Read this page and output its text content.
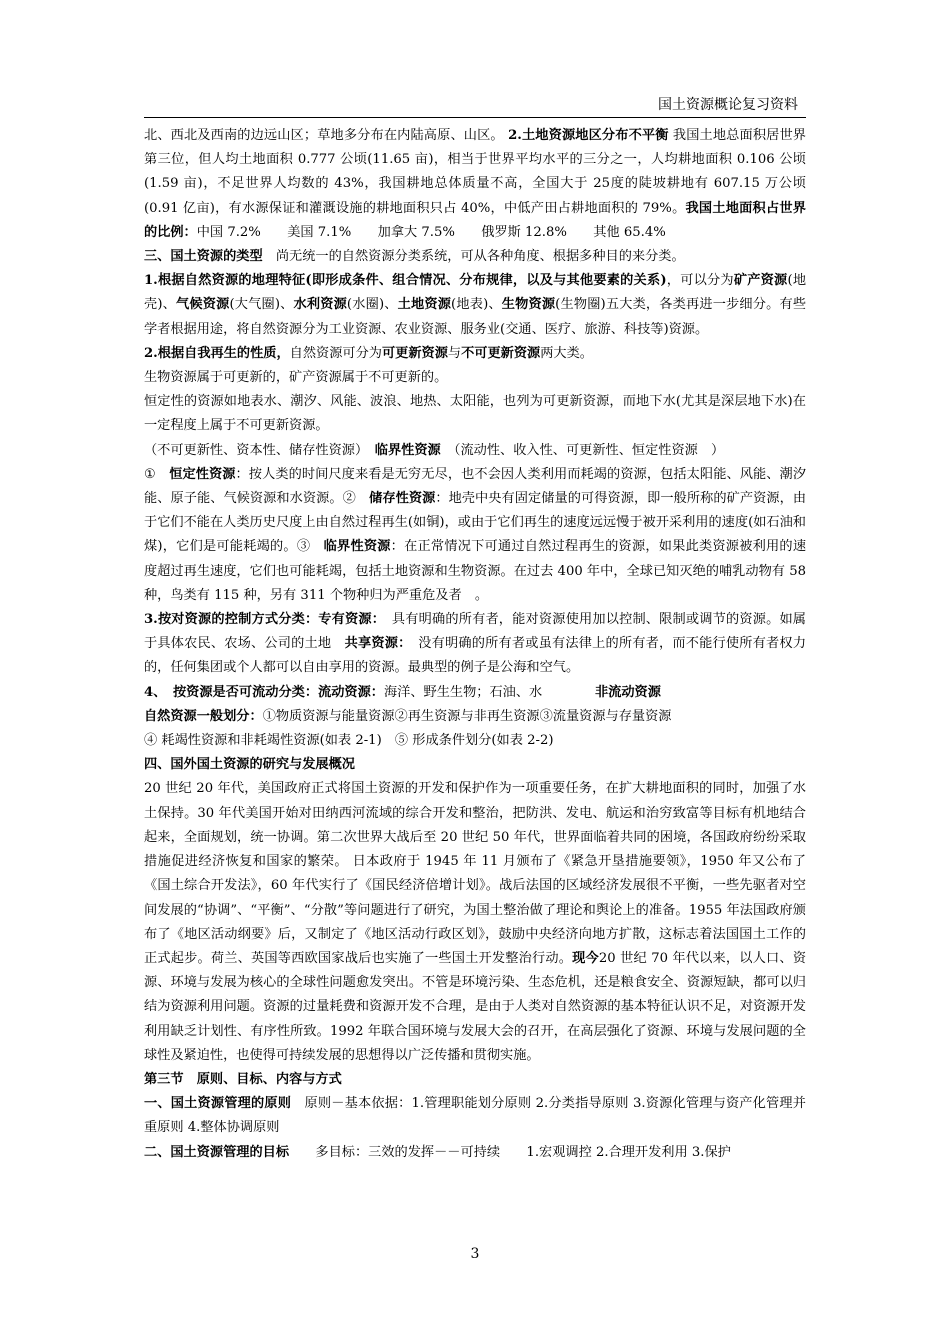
国土资源概论复习资料

北、西北及西南的边远山区；草地多分布在内陆高原、山区。 2.土地资源地区分布不平衡 我国土地总面积居世界第三位，但人均土地面积 0.777 公顷(11.65 亩)，相当于世界平均水平的三分之一，人均耕地面积 0.106 公顷(1.59 亩)，不足世界人均数的 43%，我国耕地总体质量不高，全国大于 25度的陡坡耕地有 607.15 万公顷(0.91 亿亩)，有水源保证和灌溉设施的耕地面积只占 40%，中低产田占耕地面积的 79%。我国土地面积占世界的比例：中国 7.2%　　美国 7.1%　　加拿大 7.5%　　俄罗斯 12.8%　　其他 65.4%

三、国土资源的类型　尚无统一的自然资源分类系统，可从各种角度、根据多种目的来分类。

1.根据自然资源的地理特征(即形成条件、组合情况、分布规律，以及与其他要素的关系)，可以分为矿产资源(地壳)、气候资源(大气圈)、水利资源(水圈)、土地资源(地表)、生物资源(生物圈)五大类，各类再进一步细分。有些学者根据用途，将自然资源分为工业资源、农业资源、服务业(交通、医疗、旅游、科技等)资源。

2.根据自我再生的性质，自然资源可分为可更新资源与不可更新资源两大类。

生物资源属于可更新的，矿产资源属于不可更新的。

恒定性的资源如地表水、潮汐、风能、波浪、地热、太阳能，也列为可更新资源，而地下水(尤其是深层地下水)在一定程度上属于不可更新资源。

（不可更新性、资本性、储存性资源）　临界性资源　（流动性、收入性、可更新性、恒定性资源　）

①　恒定性资源：按人类的时间尺度来看是无穷无尽，也不会因人类利用而耗竭的资源，包括太阳能、风能、潮汐能、原子能、气候资源和水资源。②　储存性资源：地壳中央有固定储量的可得资源，即一般所称的矿产资源，由于它们不能在人类历史尺度上由自然过程再生(如铜)，或由于它们再生的速度远远慢于被开采利用的速度(如石油和煤)，它们是可能耗竭的。③　临界性资源：在正常情况下可通过自然过程再生的资源，如果此类资源被利用的速度超过再生速度，它们也可能耗竭，包括土地资源和生物资源。在过去 400 年中，全球已知灭绝的哺乳动物有 58 种，鸟类有 115 种，另有 311 个物种归为严重危及者　。

3.按对资源的控制方式分类：专有资源：　具有明确的所有者，能对资源使用加以控制、限制或调节的资源。如属于具体农民、农场、公司的土地　共享资源：　没有明确的所有者或虽有法律上的所有者，而不能行使所有者权力的，任何集团或个人都可以自由享用的资源。最典型的例子是公海和空气。

4、　按资源是否可流动分类：流动资源：海洋、野生生物；石油、水　　　　非流动资源

自然资源一般划分：①物质资源与能量资源②再生资源与非再生资源③流量资源与存量资源

④ 耗竭性资源和非耗竭性资源(如表 2-1)　⑤ 形成条件划分(如表 2-2)

四、国外国土资源的研究与发展概况

20 世纪 20 年代，美国政府正式将国土资源的开发和保护作为一项重要任务，在扩大耕地面积的同时，加强了水土保持。30 年代美国开始对田纳西河流域的综合开发和整治，把防洪、发电、航运和治穷致富等目标有机地结合起来，全面规划，统一协调。第二次世界大战后至 20 世纪 50 年代，世界面临着共同的困境，各国政府纷纷采取措施促进经济恢复和国家的繁荣。 日本政府于 1945 年 11 月颁布了《紧急开垦措施要领》，1950 年又公布了《国土综合开发法》，60 年代实行了《国民经济倍增计划》。战后法国的区域经济发展很不平衡，一些先驱者对空间发展的“协调”、“平衡”、“分散”等问题进行了研究，为国土整治做了理论和舆论上的准备。1955 年法国政府颁布了《地区活动纲要》后，又制定了《地区活动行政区划》，鼓励中央经济向地方扩散，这标志着法国国土工作的正式起步。荷兰、英国等西欧国家战后也实施了一些国土开发整治行动。现今20 世纪 70 年代以来，以人口、资源、环境与发展为核心的全球性问题愈发突出。不管是环境污染、生态危机，还是粮食安全、资源短缺，都可以归结为资源利用问题。资源的过量耗费和资源开发不合理，是由于人类对自然资源的基本特征认识不足，对资源开发利用缺乏计划性、有序性所致。1992 年联合国环境与发展大会的召开，在高层强化了资源、环境与发展问题的全球性及紧迫性，也使得可持续发展的思想得以广泛传播和贯彻实施。

第三节　原则、目标、内容与方式

一、国土资源管理的原则　原则－基本依据：1.管理职能划分原则 2.分类指导原则 3.资源化管理与资产化管理并重原则 4.整体协调原则

二、国土资源管理的目标　　多目标：三效的发挥－－可持续　　1.宏观调控 2.合理开发利用 3.保护

3
